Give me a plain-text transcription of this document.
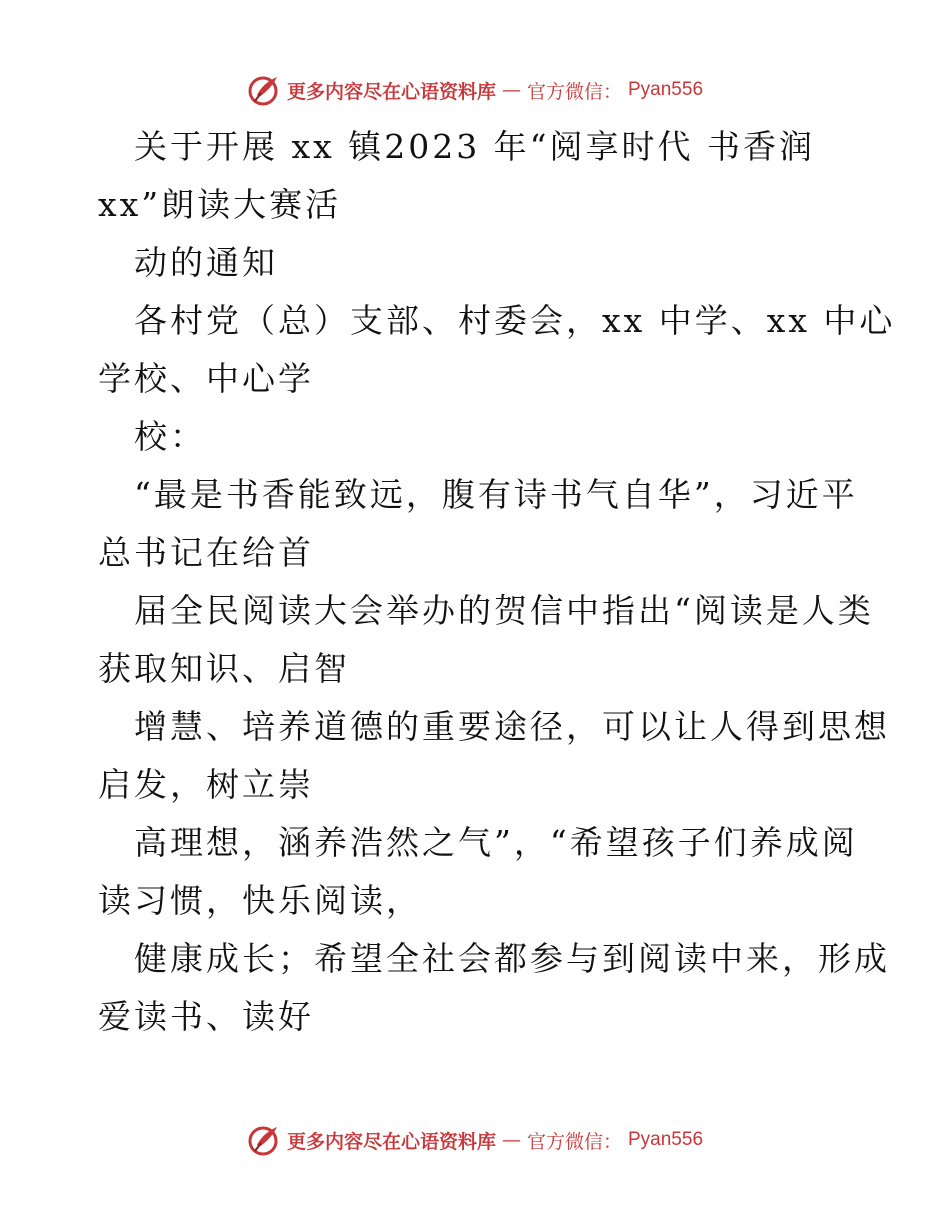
更多内容尽在心语资料库 — 官方微信： Pyan556
关于开展 xx 镇2023 年“阅享时代 书香润
xx”朗读大赛活
动的通知
各村党（总）支部、村委会，xx 中学、xx 中心
学校、中心学
校：
“最是书香能致远，腹有诗书气自华”，习近平
总书记在给首
届全民阅读大会举办的贺信中指出“阅读是人类
获取知识、启智
增慧、培养道德的重要途径，可以让人得到思想
启发，树立崇
高理想，涵养浩然之气”，“希望孩子们养成阅
读习惯，快乐阅读，
健康成长；希望全社会都参与到阅读中来，形成
爱读书、读好
更多内容尽在心语资料库 — 官方微信： Pyan556
